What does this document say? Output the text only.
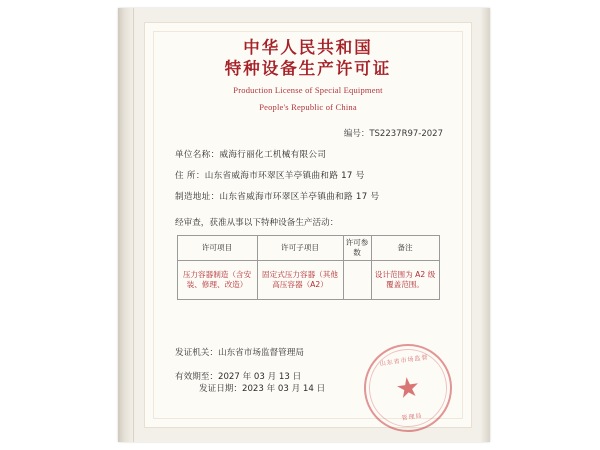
中华人民共和国
特种设备生产许可证
Production License of Special Equipment
People's Republic of China
编号：TS2237R97-2027
单位名称：威海行丽化工机械有限公司
住 所：山东省威海市环翠区羊亭镇曲和路 17 号
制造地址：山东省威海市环翠区羊亭镇曲和路 17 号
经审查，获准从事以下特种设备生产活动：
许可项目	许可子项目	许可参数	备注
压力容器制造（含安装、修理、改造）	固定式压力容器（其他高压容器（A2）		设计范围为 A2 级覆盖范围。
发证机关：山东省市场监督管理局
有效期至：2027 年 03 月 13 日 发证日期：2023 年 03 月 14 日
山东省市场监督
管理局
